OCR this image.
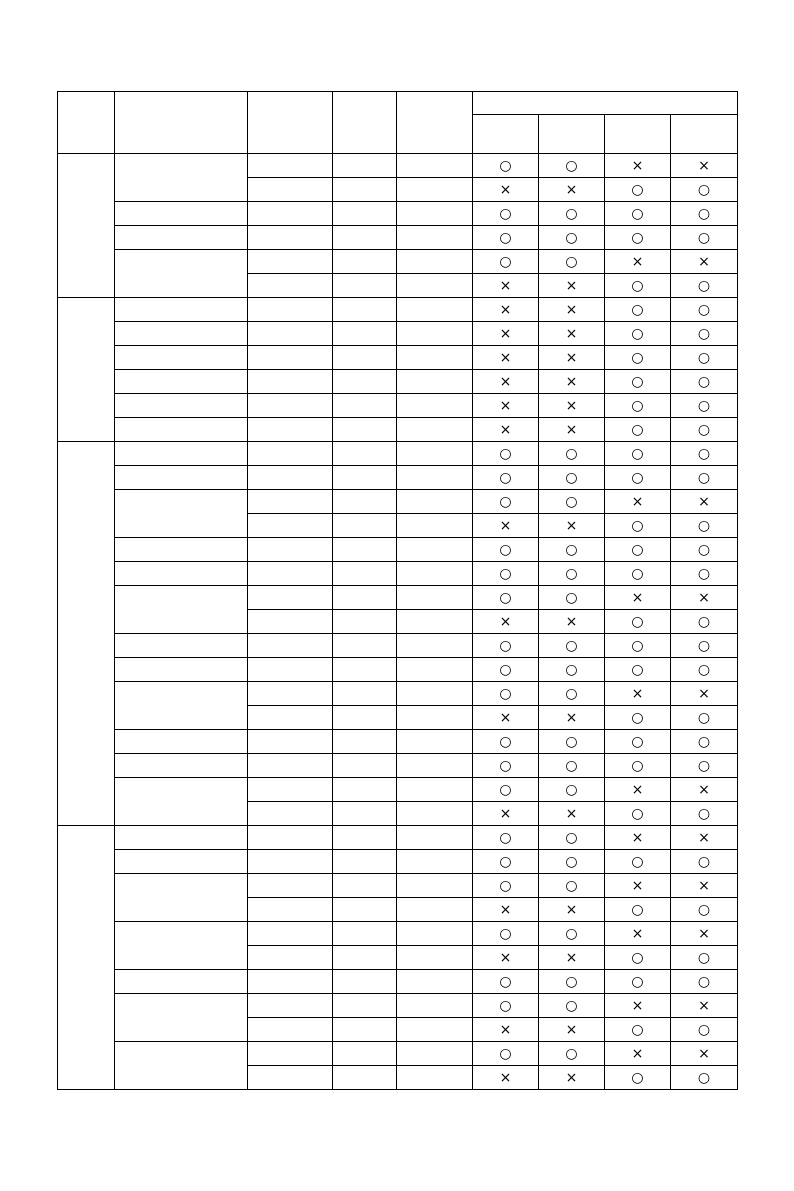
					○	○	×	×
					×	×	○	○
					○	○	○	○
					○	○	○	○
					○	○	×	×
					×	×	○	○
					×	×	○	○
					×	×	○	○
					×	×	○	○
					×	×	○	○
					×	×	○	○
					×	×	○	○
					○	○	○	○
					○	○	○	○
					○	○	×	×
					×	×	○	○
					○	○	○	○
					○	○	○	○
					○	○	×	×
					×	×	○	○
					○	○	○	○
					○	○	○	○
					○	○	×	×
					×	×	○	○
					○	○	○	○
					○	○	○	○
					○	○	×	×
					×	×	○	○
					○	○	×	×
					○	○	○	○
					○	○	×	×
					×	×	○	○
					○	○	×	×
					×	×	○	○
					○	○	○	○
					○	○	×	×
					×	×	○	○
					○	○	×	×
					×	×	○	○
